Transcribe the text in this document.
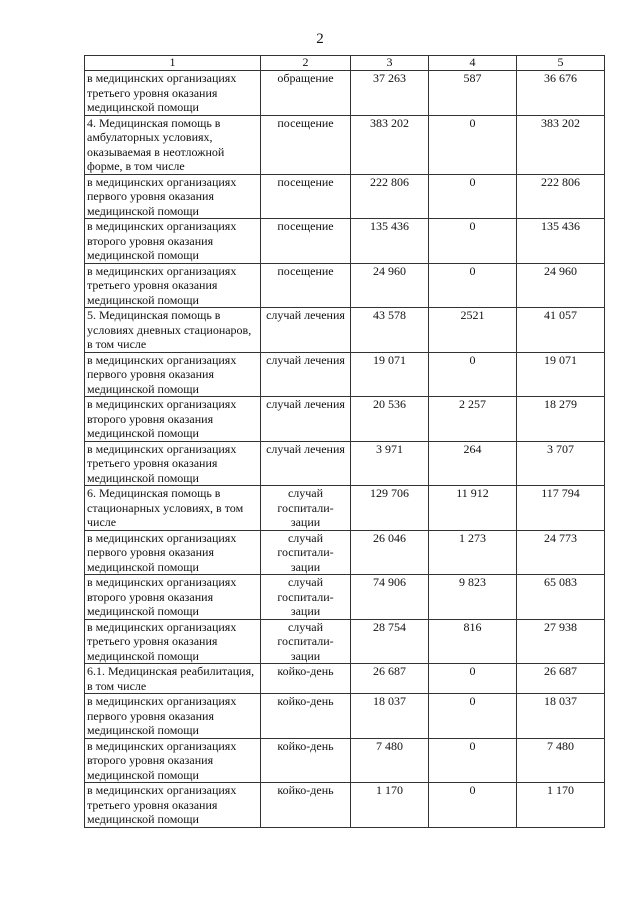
2
1	2	3	4	5
в медицинских организациях третьего уровня оказания медицинской помощи	обращение	37 263	587	36 676
4. Медицинская помощь в амбулаторных условиях, оказываемая в неотложной форме, в том числе	посещение	383 202	0	383 202
в медицинских организациях первого уровня оказания медицинской помощи	посещение	222 806	0	222 806
в медицинских организациях второго уровня оказания медицинской помощи	посещение	135 436	0	135 436
в медицинских организациях третьего уровня оказания медицинской помощи	посещение	24 960	0	24 960
5. Медицинская помощь в условиях дневных стационаров, в том числе	случай лечения	43 578	2521	41 057
в медицинских организациях первого уровня оказания медицинской помощи	случай лечения	19 071	0	19 071
в медицинских организациях второго уровня оказания медицинской помощи	случай лечения	20 536	2 257	18 279
в медицинских организациях третьего уровня оказания медицинской помощи	случай лечения	3 971	264	3 707
6. Медицинская помощь в стационарных условиях, в том числе	случай госпитали-зации	129 706	11 912	117 794
в медицинских организациях первого уровня оказания медицинской помощи	случай госпитали-зации	26 046	1 273	24 773
в медицинских организациях второго уровня оказания медицинской помощи	случай госпитали-зации	74 906	9 823	65 083
в медицинских организациях третьего уровня оказания медицинской помощи	случай госпитали-зации	28 754	816	27 938
6.1. Медицинская реабилитация, в том числе	койко-день	26 687	0	26 687
в медицинских организациях первого уровня оказания медицинской помощи	койко-день	18 037	0	18 037
в медицинских организациях второго уровня оказания медицинской помощи	койко-день	7 480	0	7 480
в медицинских организациях третьего уровня оказания медицинской помощи	койко-день	1 170	0	1 170
